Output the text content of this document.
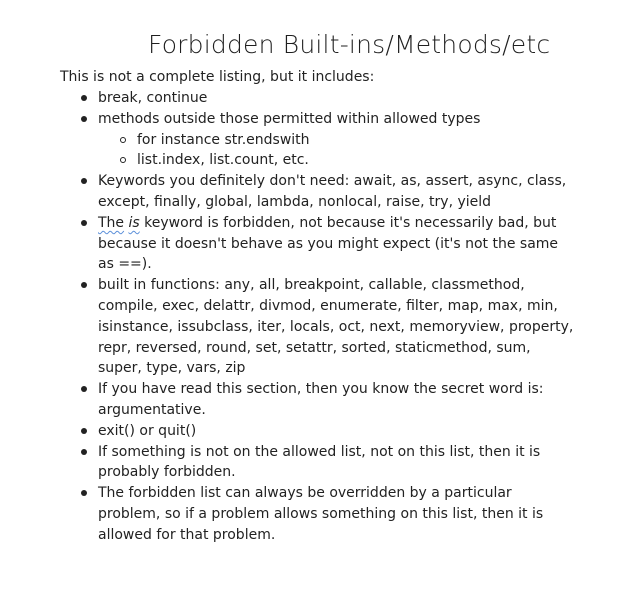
Forbidden Built-ins/Methods/etc
This is not a complete listing, but it includes:
break, continue
methods outside those permitted within allowed types
for instance str.endswith
list.index, list.count, etc.
Keywords you definitely don't need: await, as, assert, async, class, except, finally, global, lambda, nonlocal, raise, try, yield
The is keyword is forbidden, not because it's necessarily bad, but because it doesn't behave as you might expect (it's not the same as ==).
built in functions: any, all, breakpoint, callable, classmethod, compile, exec, delattr, divmod, enumerate, filter, map, max, min, isinstance, issubclass, iter, locals, oct, next, memoryview, property, repr, reversed, round, set, setattr, sorted, staticmethod, sum, super, type, vars, zip
If you have read this section, then you know the secret word is: argumentative.
exit() or quit()
If something is not on the allowed list, not on this list, then it is probably forbidden.
The forbidden list can always be overridden by a particular problem, so if a problem allows something on this list, then it is allowed for that problem.
